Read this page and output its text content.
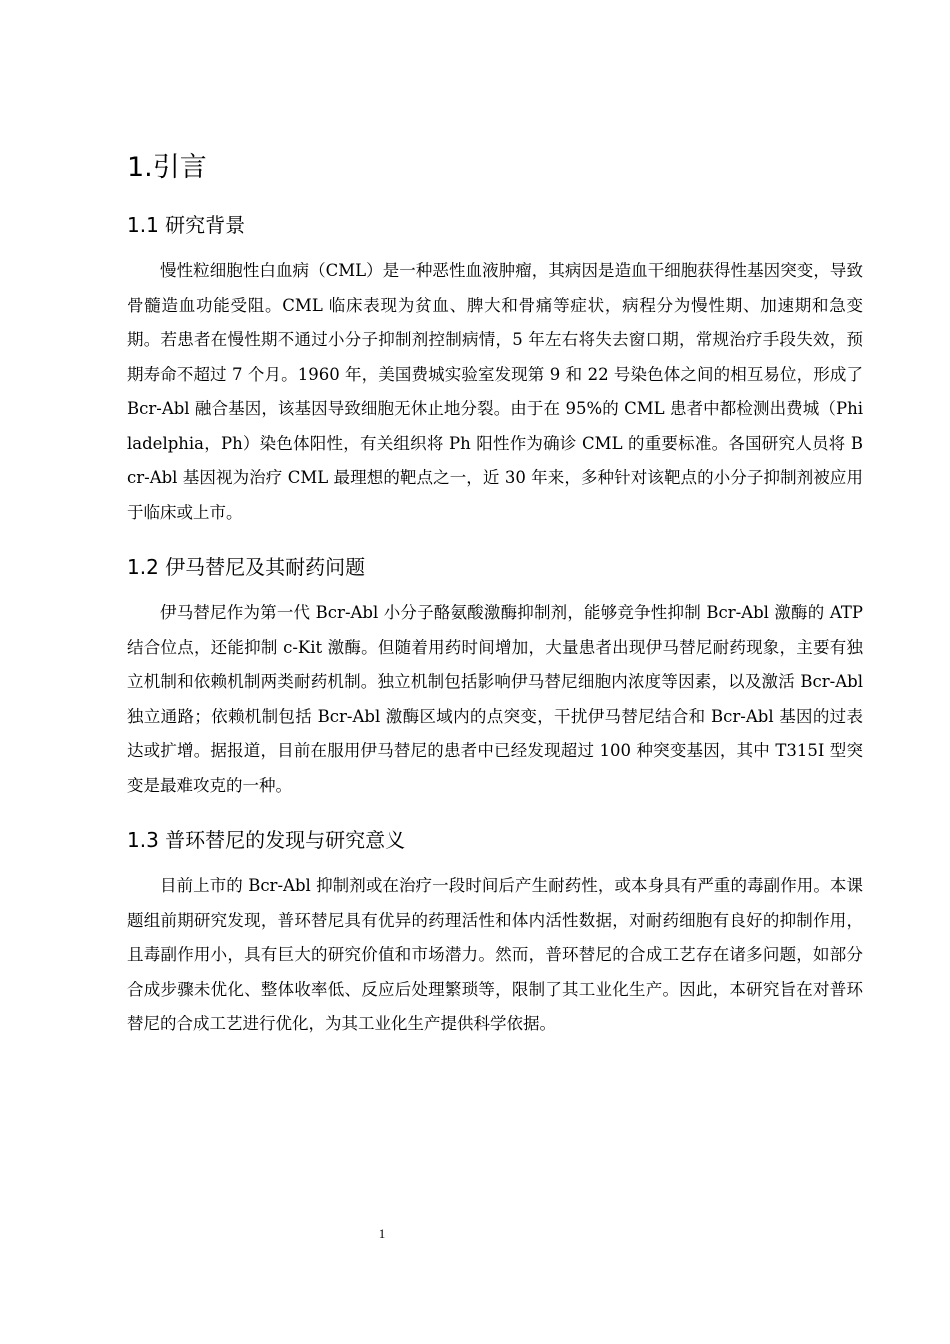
1.引言
1.1 研究背景

慢性粒细胞性白血病（CML）是一种恶性血液肿瘤，其病因是造血干细胞获得性基因突变，导致骨髓造血功能受阻。CML 临床表现为贫血、脾大和骨痛等症状，病程分为慢性期、加速期和急变期。若患者在慢性期不通过小分子抑制剂控制病情，5 年左右将失去窗口期，常规治疗手段失效，预期寿命不超过 7 个月。1960 年，美国费城实验室发现第 9 和 22 号染色体之间的相互易位，形成了 Bcr-Abl 融合基因，该基因导致细胞无休止地分裂。由于在 95%的 CML 患者中都检测出费城（Philadelphia，Ph）染色体阳性，有关组织将 Ph 阳性作为确诊 CML 的重要标准。各国研究人员将 Bcr-Abl 基因视为治疗 CML 最理想的靶点之一，近 30 年来，多种针对该靶点的小分子抑制剂被应用于临床或上市。

1.2 伊马替尼及其耐药问题

伊马替尼作为第一代 Bcr-Abl 小分子酪氨酸激酶抑制剂，能够竞争性抑制 Bcr-Abl 激酶的 ATP 结合位点，还能抑制 c-Kit 激酶。但随着用药时间增加，大量患者出现伊马替尼耐药现象，主要有独立机制和依赖机制两类耐药机制。独立机制包括影响伊马替尼细胞内浓度等因素，以及激活 Bcr-Abl 独立通路；依赖机制包括 Bcr-Abl 激酶区域内的点突变，干扰伊马替尼结合和 Bcr-Abl 基因的过表达或扩增。据报道，目前在服用伊马替尼的患者中已经发现超过 100 种突变基因，其中 T315I 型突变是最难攻克的一种。

1.3 普环替尼的发现与研究意义

目前上市的 Bcr-Abl 抑制剂或在治疗一段时间后产生耐药性，或本身具有严重的毒副作用。本课题组前期研究发现，普环替尼具有优异的药理活性和体内活性数据，对耐药细胞有良好的抑制作用，且毒副作用小，具有巨大的研究价值和市场潜力。然而，普环替尼的合成工艺存在诸多问题，如部分合成步骤未优化、整体收率低、反应后处理繁琐等，限制了其工业化生产。因此，本研究旨在对普环替尼的合成工艺进行优化，为其工业化生产提供科学依据。

1
